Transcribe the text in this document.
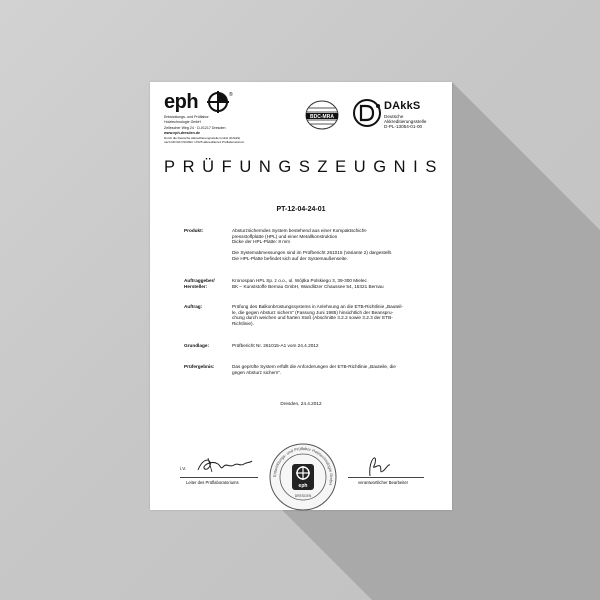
eph	®
Entwicklungs- und Prüflabor
Holztechnologie GmbH
Zellescher Weg 24 · D-01217 Dresden
www.eph-dresden.de
Durch die Deutsche Akkreditierungsstelle GmbH (DAkkS)
nach DIN EN ISO/IEC 17025 akkreditiertes Prüflaboratorium
BDC-MRA
DAkkS
Deutsche
Akkreditierungsstelle
D-PL-13054-01-00
PRÜFUNGSZEUGNIS
PT-12-04-24-01
Produkt:	Absturzsicherndes System bestehend aus einer Kompaktschicht-
pressstoffplatte (HPL) und einer Metallkonstruktion
Dicke der HPL-Platte: 8 mm
Die Systemabmessungen sind im Prüfbericht 261015 (Variante 2) dargestellt.
Die HPL-Platte befindet sich auf der Systemaußenseite.
Auftraggeber/
Hersteller:
Kronospan HPL Sp. z o.o., ul. Wójtka Polskiego 3, 39-300 Mielec
BK – Kunststoffe Bernau GmbH, Wandlitzer Chaussee 54, 16321 Bernau
Auftrag:	Prüfung des Balkonbrüstungssystems in Anlehnung an die ETB-Richtlinie „Bauteil-
le, die gegen Absturz sichern" (Fassung Juni 1985) hinsichtlich der Beanspru-
chung durch weichen und harten Stoß (Abschnitte 3.2.2 sowie 3.2.3 der ETB-
Richtlinie).
Grundlage:	Prüfbericht Nr. 261015-A1 vom 24.4.2012
Prüfergebnis:	Das geprüfte System erfüllt die Anforderungen der ETB-Richtlinie „Bauteile, die
gegen Absturz sichern".
Dresden, 24.4.2012
i.V.
Leiter des Prüflaboratoriums
Entwicklungs- und Prüflabor Holztechnologie GmbH
eph
DRESDEN
verantwortlicher Bearbeiter
